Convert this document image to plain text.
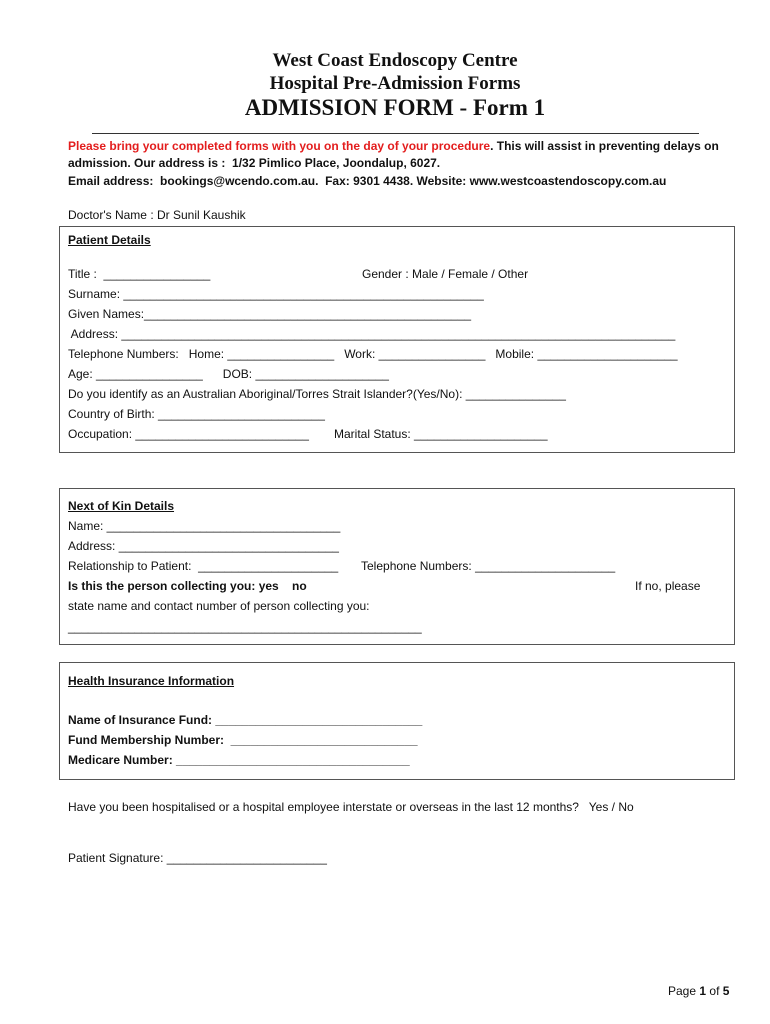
West Coast Endoscopy Centre
Hospital Pre-Admission Forms
ADMISSION FORM - Form 1
Please bring your completed forms with you on the day of your procedure. This will assist in preventing delays on
admission. Our address is :  1/32 Pimlico Place, Joondalup, 6027.
Email address:  bookings@wcendo.com.au.  Fax: 9301 4438. Website: www.westcoastendoscopy.com.au
Doctor's Name : Dr Sunil Kaushik
Patient Details
Title :  ________________	Gender : Male / Female / Other
Surname: ______________________________________________________
Given Names:_________________________________________________
Address: ___________________________________________________________________________________
Telephone Numbers:   Home: ________________   Work: ________________   Mobile: _____________________
Age: ________________      DOB: ____________________
Do you identify as an Australian Aboriginal/Torres Strait Islander?(Yes/No): _______________
Country of Birth: _________________________
Occupation: __________________________ Marital Status: ____________________
Next of Kin Details
Name: ___________________________________
Address: _________________________________
Relationship to Patient:  _____________________ Telephone Numbers: _____________________
Is this the person collecting you: yes    no	If no, please
state name and contact number of person collecting you:
_____________________________________________________
Health Insurance Information
Name of Insurance Fund: _______________________________
Fund Membership Number:  ____________________________
Medicare Number: ___________________________________
Have you been hospitalised or a hospital employee interstate or overseas in the last 12 months?   Yes / No
Patient Signature: ________________________
Page 1 of 5
